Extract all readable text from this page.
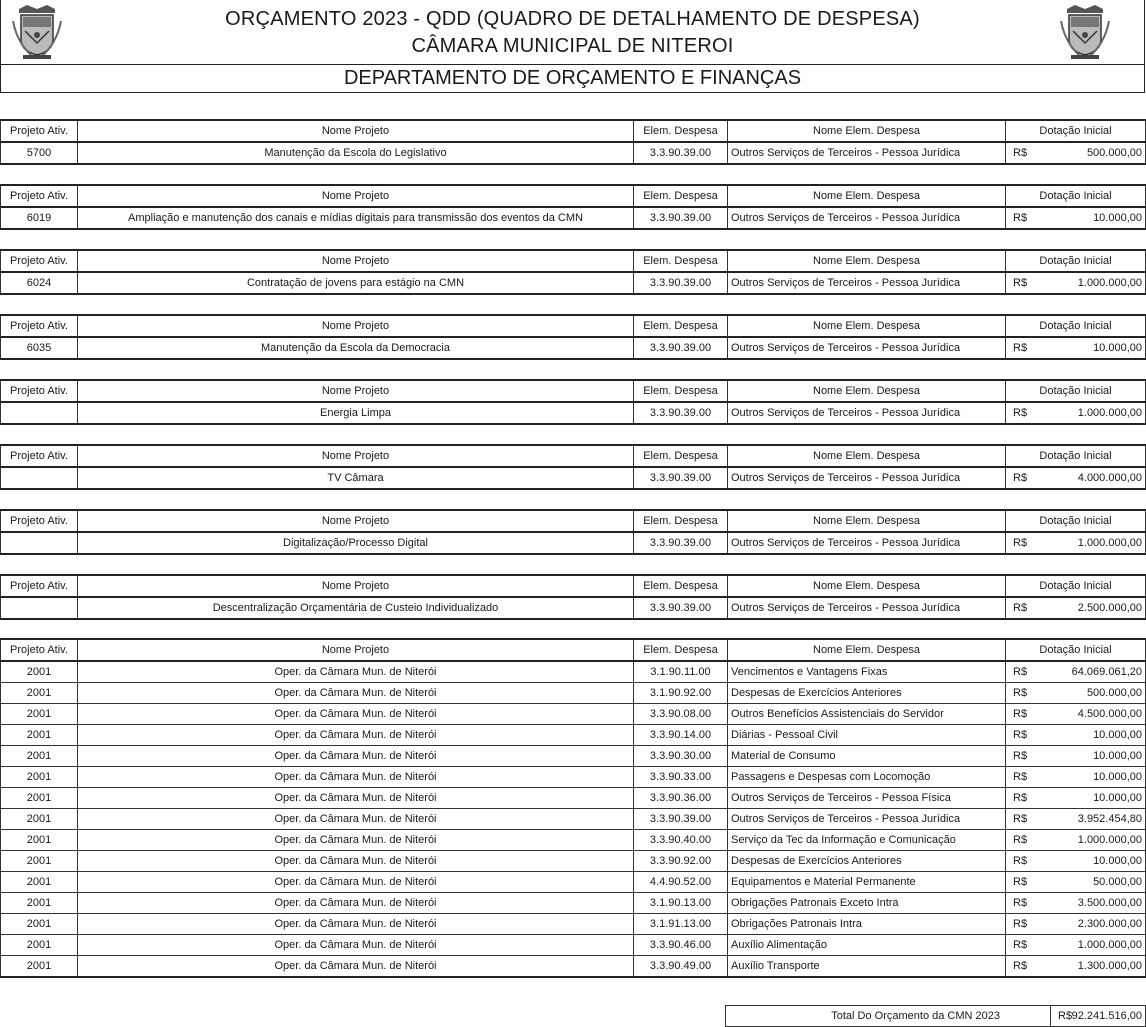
ORÇAMENTO 2023 - QDD (QUADRO DE DETALHAMENTO DE DESPESA)
CÂMARA MUNICIPAL DE NITEROI
DEPARTAMENTO DE ORÇAMENTO E FINANÇAS
Projeto Ativ.	Nome Projeto	Elem. Despesa	Nome Elem. Despesa	Dotação Inicial
5700	Manutenção da Escola do Legislativo	3.3.90.39.00	Outros Serviços de Terceiros - Pessoa Jurídica	R$ 500.000,00
Projeto Ativ.	Nome Projeto	Elem. Despesa	Nome Elem. Despesa	Dotação Inicial
6019	Ampliação e manutenção dos canais e mídias digitais para transmissão dos eventos da CMN	3.3.90.39.00	Outros Serviços de Terceiros - Pessoa Jurídica	R$ 10.000,00
Projeto Ativ.	Nome Projeto	Elem. Despesa	Nome Elem. Despesa	Dotação Inicial
6024	Contratação de jovens para estágio na CMN	3.3.90.39.00	Outros Serviços de Terceiros - Pessoa Jurídica	R$ 1.000.000,00
Projeto Ativ.	Nome Projeto	Elem. Despesa	Nome Elem. Despesa	Dotação Inicial
6035	Manutenção da Escola da Democracia	3.3.90.39.00	Outros Serviços de Terceiros - Pessoa Jurídica	R$ 10.000,00
Projeto Ativ.	Nome Projeto	Elem. Despesa	Nome Elem. Despesa	Dotação Inicial
	Energia Limpa	3.3.90.39.00	Outros Serviços de Terceiros - Pessoa Jurídica	R$ 1.000.000,00
Projeto Ativ.	Nome Projeto	Elem. Despesa	Nome Elem. Despesa	Dotação Inicial
	TV Câmara	3.3.90.39.00	Outros Serviços de Terceiros - Pessoa Jurídica	R$ 4.000.000,00
Projeto Ativ.	Nome Projeto	Elem. Despesa	Nome Elem. Despesa	Dotação Inicial
	Digitalização/Processo Digital	3.3.90.39.00	Outros Serviços de Terceiros - Pessoa Jurídica	R$ 1.000.000,00
Projeto Ativ.	Nome Projeto	Elem. Despesa	Nome Elem. Despesa	Dotação Inicial
	Descentralização Orçamentária de Custeio Individualizado	3.3.90.39.00	Outros Serviços de Terceiros - Pessoa Jurídica	R$ 2.500.000,00
Projeto Ativ.	Nome Projeto	Elem. Despesa	Nome Elem. Despesa	Dotação Inicial
2001	Oper. da Câmara Mun. de Niterói	3.1.90.11.00	Vencimentos e Vantagens Fixas	R$ 64.069.061,20
2001	Oper. da Câmara Mun. de Niterói	3.1.90.92.00	Despesas de Exercícios Anteriores	R$ 500.000,00
2001	Oper. da Câmara Mun. de Niterói	3.3.90.08.00	Outros Benefícios Assistenciais do Servidor	R$ 4.500.000,00
2001	Oper. da Câmara Mun. de Niterói	3.3.90.14.00	Diárias - Pessoal Civil	R$ 10.000,00
2001	Oper. da Câmara Mun. de Niterói	3.3.90.30.00	Material de Consumo	R$ 10.000,00
2001	Oper. da Câmara Mun. de Niterói	3.3.90.33.00	Passagens e Despesas com Locomoção	R$ 10.000,00
2001	Oper. da Câmara Mun. de Niterói	3.3.90.36.00	Outros Serviços de Terceiros - Pessoa Física	R$ 10.000,00
2001	Oper. da Câmara Mun. de Niterói	3.3.90.39.00	Outros Serviços de Terceiros - Pessoa Jurídica	R$ 3.952.454,80
2001	Oper. da Câmara Mun. de Niterói	3.3.90.40.00	Serviço da Tec da Informação e Comunicação	R$ 1.000.000,00
2001	Oper. da Câmara Mun. de Niterói	3.3.90.92.00	Despesas de Exercícios Anteriores	R$ 10.000,00
2001	Oper. da Câmara Mun. de Niterói	4.4.90.52.00	Equipamentos e Material Permanente	R$ 50.000,00
2001	Oper. da Câmara Mun. de Niterói	3.1.90.13.00	Obrigações Patronais Exceto Intra	R$ 3.500.000,00
2001	Oper. da Câmara Mun. de Niterói	3.1.91.13.00	Obrigações Patronais Intra	R$ 2.300.000,00
2001	Oper. da Câmara Mun. de Niterói	3.3.90.46.00	Auxílio Alimentação	R$ 1.000.000,00
2001	Oper. da Câmara Mun. de Niterói	3.3.90.49.00	Auxílio Transporte	R$ 1.300.000,00
Total Do Orçamento da CMN 2023	R$ 92.241.516,00
